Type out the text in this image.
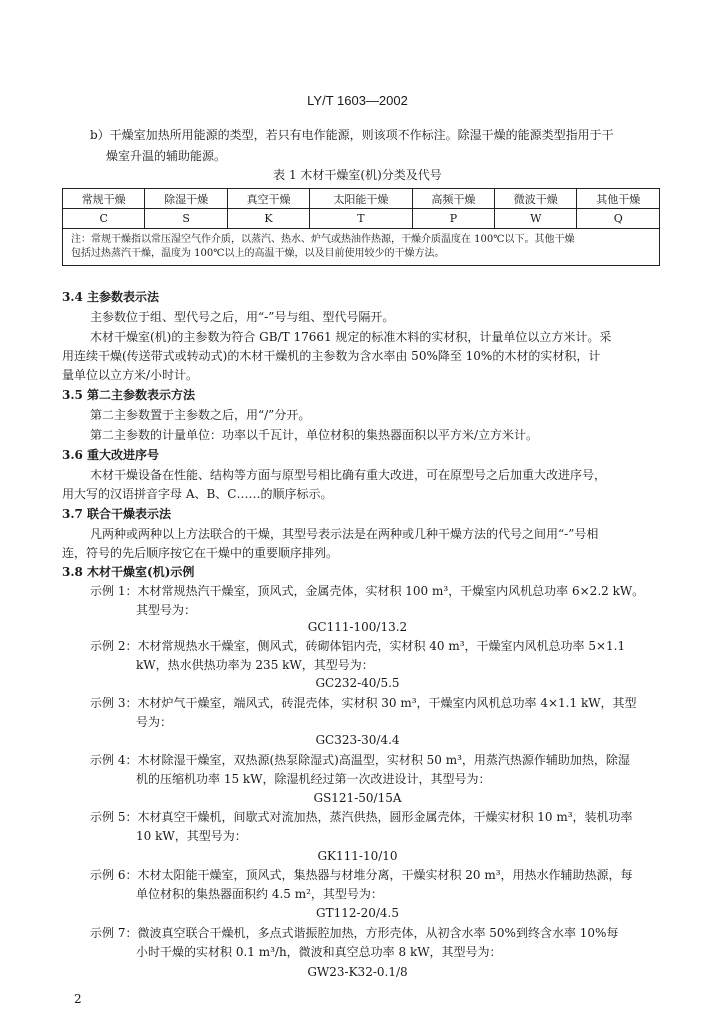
LY/T 1603—2002
b）干燥室加热所用能源的类型，若只有电作能源，则该项不作标注。除湿干燥的能源类型指用于干
燥室升温的辅助能源。
表 1 木材干燥室(机)分类及代号
常规干燥	除湿干燥	真空干燥	太阳能干燥	高频干燥	微波干燥	其他干燥
C	S	K	T	P	W	Q

注：常规干燥指以常压湿空气作介质，以蒸汽、热水、炉气或热油作热源，干燥介质温度在 100℃以下。其他干燥
包括过热蒸汽干燥，温度为 100℃以上的高温干燥，以及目前使用较少的干燥方法。						
3.4 主参数表示法
主参数位于组、型代号之后，用“-”号与组、型代号隔开。
木材干燥室(机)的主参数为符合 GB/T 17661 规定的标准木料的实材积，计量单位以立方米计。采
用连续干燥(传送带式或转动式)的木材干燥机的主参数为含水率由 50%降至 10%的木材的实材积，计
量单位以立方米/小时计。
3.5 第二主参数表示方法
第二主参数置于主参数之后，用“/”分开。
第二主参数的计量单位：功率以千瓦计，单位材积的集热器面积以平方米/立方米计。
3.6 重大改进序号
木材干燥设备在性能、结构等方面与原型号相比确有重大改进，可在原型号之后加重大改进序号，
用大写的汉语拼音字母 A、B、C……的顺序标示。
3.7 联合干燥表示法
凡两种或两种以上方法联合的干燥，其型号表示法是在两种或几种干燥方法的代号之间用“-”号相
连，符号的先后顺序按它在干燥中的重要顺序排列。
3.8 木材干燥室(机)示例
示例 1：木材常规热汽干燥室，顶风式，金属壳体，实材积 100 m³，干燥室内风机总功率 6×2.2 kW。
其型号为：
GC111-100/13.2
示例 2：木材常规热水干燥室，侧风式，砖砌体铝内壳，实材积 40 m³，干燥室内风机总功率 5×1.1
kW，热水供热功率为 235 kW，其型号为：
GC232-40/5.5
示例 3：木材炉气干燥室，端风式，砖混壳体，实材积 30 m³，干燥室内风机总功率 4×1.1 kW，其型
号为：
GC323-30/4.4
示例 4：木材除湿干燥室，双热源(热泵除湿式)高温型，实材积 50 m³，用蒸汽热源作辅助加热，除湿
机的压缩机功率 15 kW，除湿机经过第一次改进设计，其型号为：
GS121-50/15A
示例 5：木材真空干燥机，间歇式对流加热，蒸汽供热，圆形金属壳体，干燥实材积 10 m³，装机功率
10 kW，其型号为：
GK111-10/10
示例 6：木材太阳能干燥室，顶风式，集热器与材堆分离，干燥实材积 20 m³，用热水作辅助热源，每
单位材积的集热器面积约 4.5 m²，其型号为：
GT112-20/4.5
示例 7：微波真空联合干燥机，多点式谐振腔加热，方形壳体，从初含水率 50%到终含水率 10%每
小时干燥的实材积 0.1 m³/h，微波和真空总功率 8 kW，其型号为：
GW23-K32-0.1/8
2
